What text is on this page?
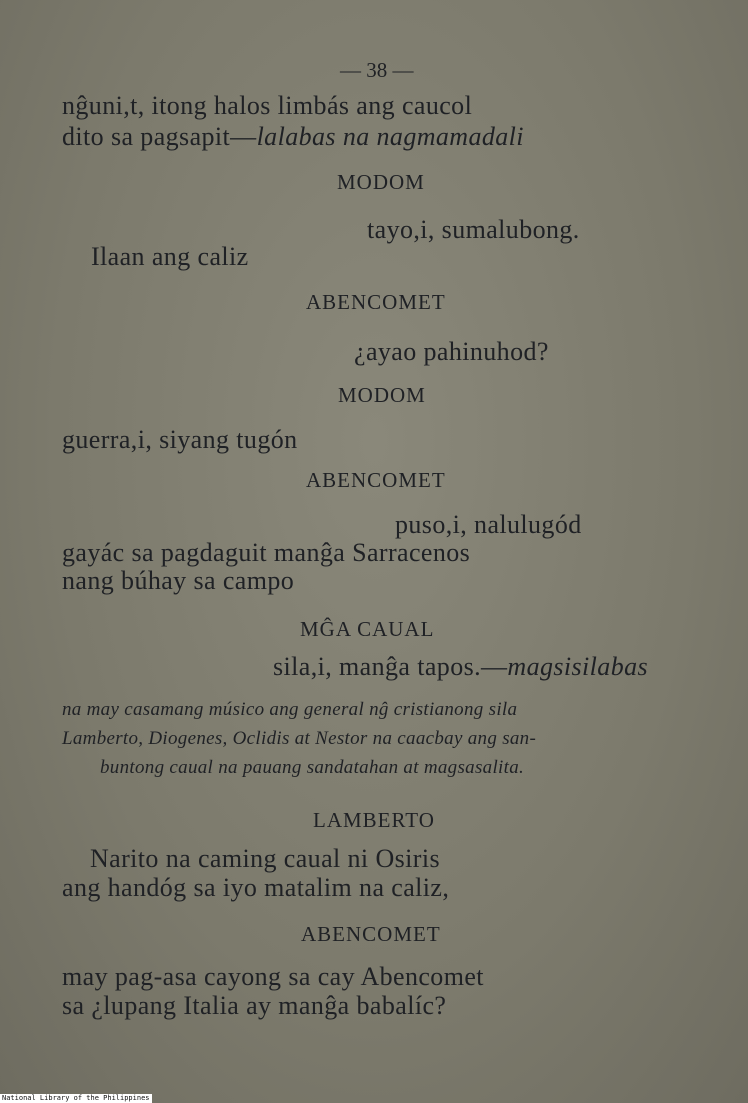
— 38 —
nĝuni,t, itong halos limbás ang caucol
dito sa pagsapit—lalabas na nagmamadali
MODOM
tayo,i, sumalubong.
Ilaan ang caliz
ABENCOMET
¿ayao pahinuhod?
MODOM
guerra,i, siyang tugón
ABENCOMET
puso,i, nalulugód
gayác sa pagdaguit manĝa Sarracenos
nang búhay sa campo
MĜA CAUAL
sila,i, manĝa tapos.—magsisilabas
na may casamang músico ang general nĝ cristianong sila
Lamberto, Diogenes, Oclidis at Nestor na caacbay ang san-
buntong caual na pauang sandatahan at magsasalita.
LAMBERTO
Narito na caming caual ni Osiris
ang handóg sa iyo matalim na caliz,
ABENCOMET
may pag-asa cayong sa cay Abencomet
sa ¿lupang Italia ay manĝa babalíc?
National Library of the Philippines
